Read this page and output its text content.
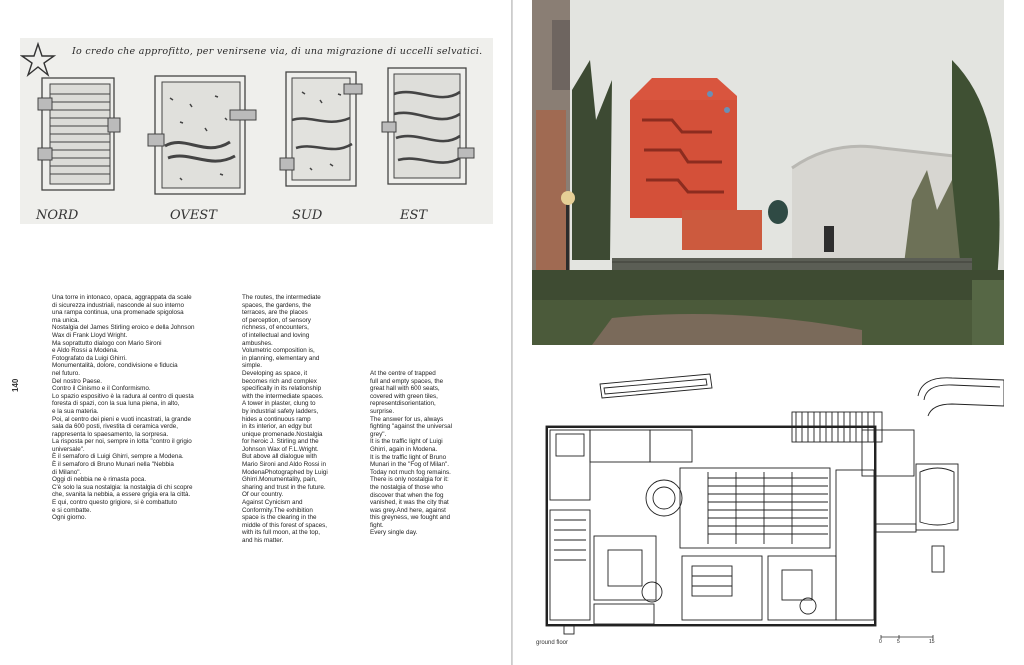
Io credo che approfitto, per venirsene via, di una migrazione di uccelli selvatici.
NORD	OVEST	SUD	EST
140
Una torre in intonaco, opaca, aggrappata da scale
di sicurezza industriali, nasconde al suo interno
una rampa continua, una promenade spigolosa
ma unica.
Nostalgia del James Stirling eroico e della Johnson
Wax di Frank Lloyd Wright.
Ma soprattutto dialogo con Mario Sironi
e Aldo Rossi a Modena.
Fotografato da Luigi Ghirri.
Monumentalità, dolore, condivisione e fiducia
nel futuro.
Del nostro Paese.
Contro il Cinismo e il Conformismo.
Lo spazio espositivo è la radura al centro di questa
foresta di spazi, con la sua luna piena, in alto,
e la sua materia.
Poi, al centro dei pieni e vuoti incastrati, la grande
sala da 600 posti, rivestita di ceramica verde,
rappresenta lo spaesamento, la sorpresa.
La risposta per noi, sempre in lotta "contro il grigio
universale".
È il semaforo di Luigi Ghirri, sempre a Modena.
È il semaforo di Bruno Munari nella "Nebbia
di Milano".
Oggi di nebbia ne è rimasta poca.
C'è solo la sua nostalgia: la nostalgia di chi scopre
che, svanita la nebbia, a essere grigia era la città.
E qui, contro questo grigiore, si è combattuto
e si combatte.
Ogni giorno.
The routes, the intermediate
spaces, the gardens, the
terraces, are the places
of perception, of sensory
richness, of encounters,
of intellectual and loving
ambushes.
Volumetric composition is,
in planning, elementary and
simple.
Developing as space, it
becomes rich and complex
specifically in its relationship
with the intermediate spaces.
A tower in plaster, clung to
by industrial safety ladders,
hides a continuous ramp
in its interior, an edgy but
unique promenade.Nostalgia
for heroic J. Stirling and the
Johnson Wax of F.L.Wright.
But above all dialogue with
Mario Sironi and Aldo Rossi in
ModenaPhotographed by Luigi
Ghirri.Monumentality, pain,
sharing and trust in the future.
Of our country.
Against Cynicism and
Conformity.The exhibition
space is the clearing in the
middle of this forest of spaces,
with its full moon, at the top,
and his matter.
At the centre of trapped
full and empty spaces, the
great hall with 600 seats,
covered with green tiles,
representdisorientation,
surprise.
The answer for us, always
fighting "against the universal
grey".
It is the traffic light of Luigi
Ghirri, again in Modena.
It is the traffic light of Bruno
Munari in the "Fog of Milan".
Today not much fog remains.
There is only nostalgia for it:
the nostalgia of those who
discover that when the fog
vanished, it was the city that
was grey.And here, against
this greyness, we fought and
fight.
Every single day.
ground floor	0	5	15
